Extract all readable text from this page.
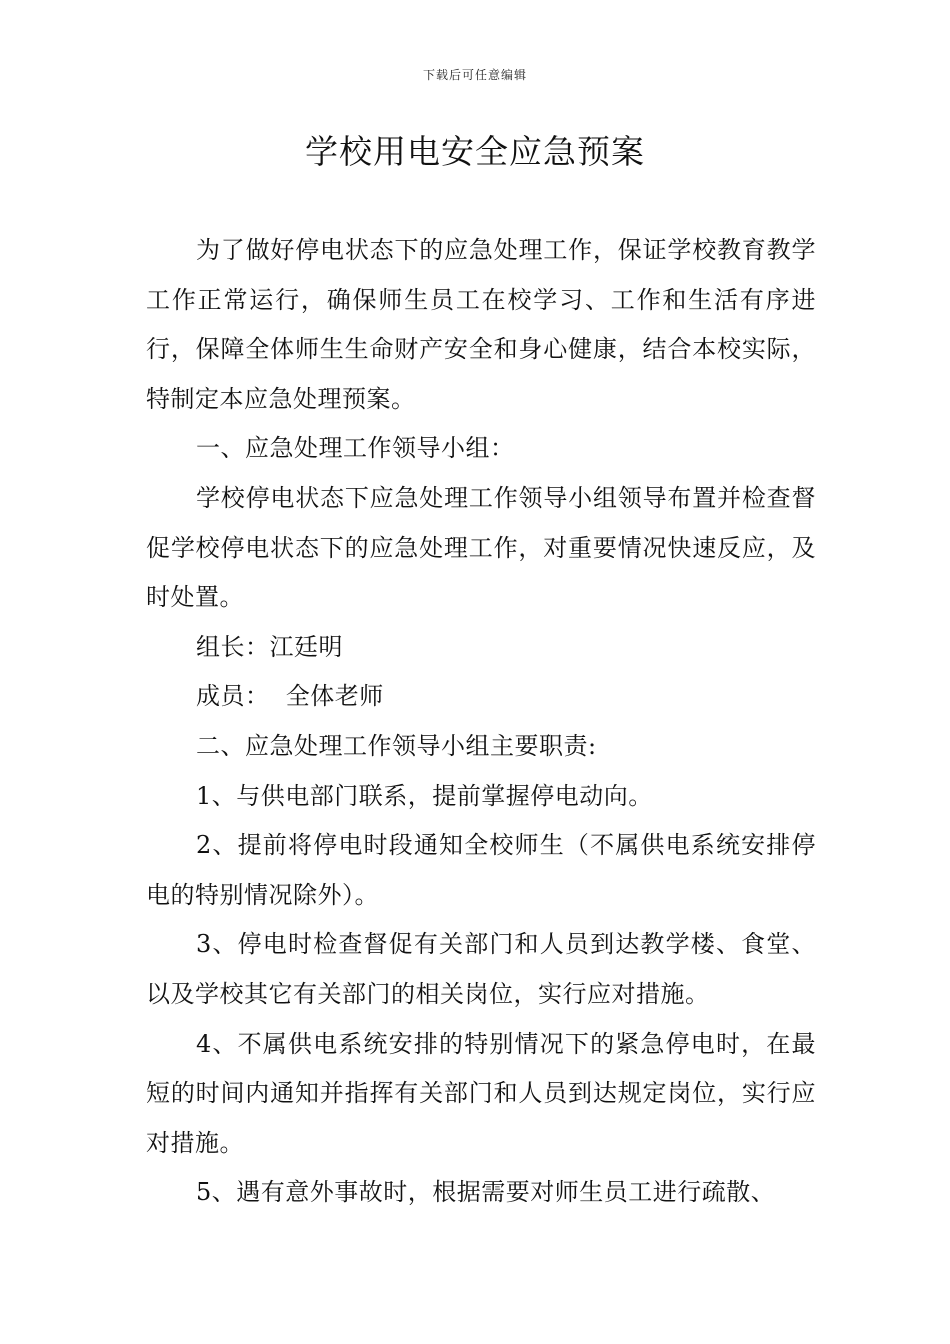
下载后可任意编辑
学校用电安全应急预案

为了做好停电状态下的应急处理工作，保证学校教育教学工作正常运行，确保师生员工在校学习、工作和生活有序进行，保障全体师生生命财产安全和身心健康，结合本校实际，特制定本应急处理预案。

一、应急处理工作领导小组：

学校停电状态下应急处理工作领导小组领导布置并检查督促学校停电状态下的应急处理工作，对重要情况快速反应，及时处置。

组长：江廷明

成员：  全体老师

二、应急处理工作领导小组主要职责:

1、与供电部门联系，提前掌握停电动向。

2、提前将停电时段通知全校师生（不属供电系统安排停电的特别情况除外）。

3、停电时检查督促有关部门和人员到达教学楼、食堂、以及学校其它有关部门的相关岗位，实行应对措施。

4、不属供电系统安排的特别情况下的紧急停电时，在最短的时间内通知并指挥有关部门和人员到达规定岗位，实行应对措施。

5、遇有意外事故时，根据需要对师生员工进行疏散、
